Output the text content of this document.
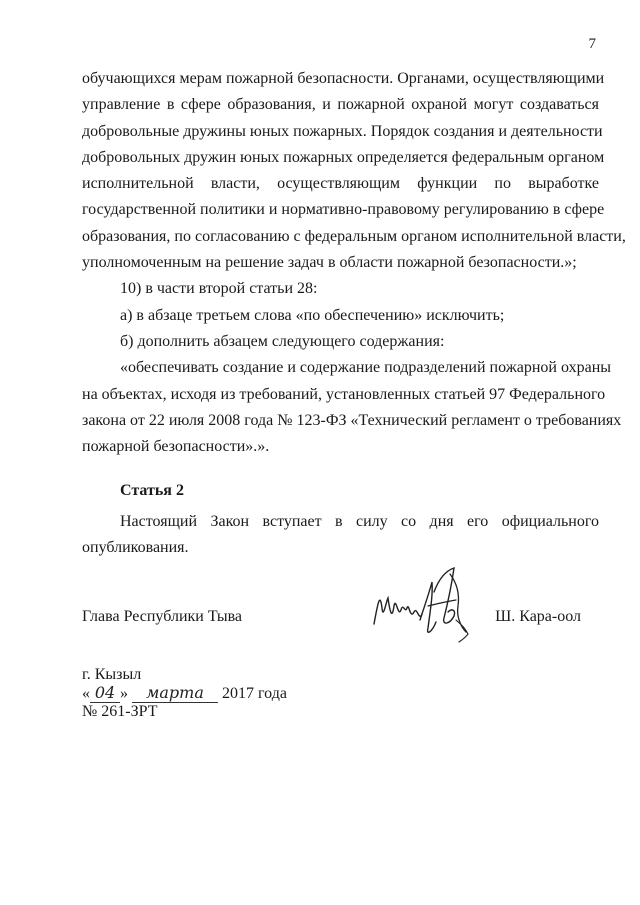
7
обучающихся мерам пожарной безопасности. Органами, осуществляющими
управление в сфере образования, и пожарной охраной могут создаваться
добровольные дружины юных пожарных. Порядок создания и деятельности
добровольных дружин юных пожарных определяется федеральным органом
исполнительной власти, осуществляющим функции по выработке
государственной политики и нормативно-правовому регулированию в сфере
образования, по согласованию с федеральным органом исполнительной власти,
уполномоченным на решение задач в области пожарной безопасности.»;
10) в части второй статьи 28:
а) в абзаце третьем слова «по обеспечению» исключить;
б) дополнить абзацем следующего содержания:
«обеспечивать создание и содержание подразделений пожарной охраны
на объектах, исходя из требований, установленных статьей 97 Федерального
закона от 22 июля 2008 года № 123-ФЗ «Технический регламент о требованиях
пожарной безопасности».».
Статья 2
Настоящий Закон вступает в силу со дня его официального
опубликования.
Глава Республики Тыва	Ш. Кара-оол
г. Кызыл
« 04 » марта 2017 года
№ 261-ЗРТ
